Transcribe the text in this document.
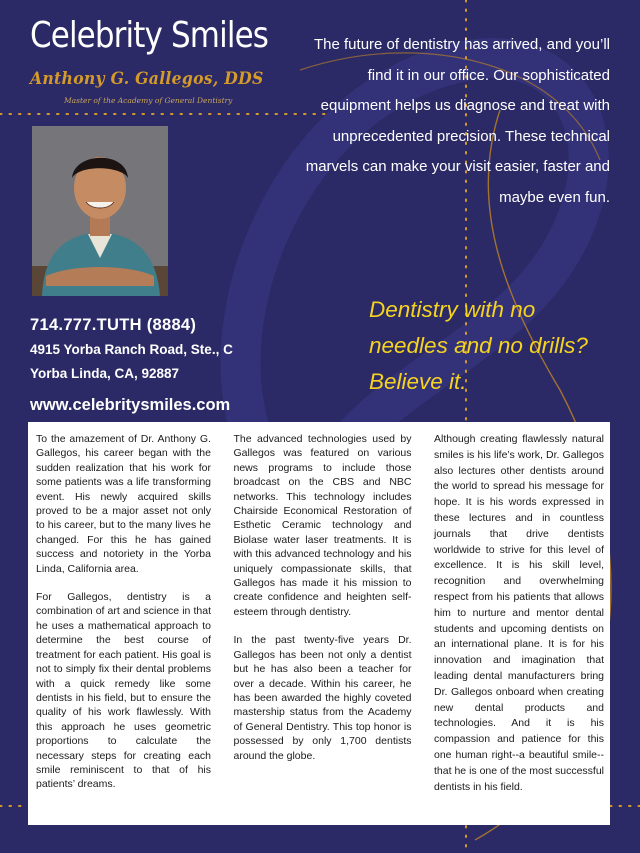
Celebrity Smiles

Anthony G. Gallegos, DDS

Master of the Academy of General Dentistry

The future of dentistry has arrived, and you’ll find it in our office. Our sophisticated equipment helps us diagnose and treat with unprecedented precision. These technical marvels can make your visit easier, faster and maybe even fun.

714.777.TUTH (8884)

4915 Yorba Ranch Road, Ste., C

Yorba Linda, CA, 92887

www.celebritysmiles.com

Dentistry with no
needles and no drills?
Believe it.

To the amazement of Dr. Anthony G. Gallegos, his career began with the sudden realization that his work for some patients was a life transforming event. His newly acquired skills proved to be a major asset not only to his career, but to the many lives he changed. For this he has gained success and notoriety in the Yorba Linda, California area.

For Gallegos, dentistry is a combination of art and science in that he uses a mathematical approach to determine the best course of treatment for each patient. His goal is not to simply fix their dental problems with a quick remedy like some dentists in his field, but to ensure the quality of his work flawlessly. With this approach he uses geometric proportions to calculate the necessary steps for creating each smile reminiscent to that of his patients’ dreams.

The advanced technologies used by Gallegos was featured on various news programs to include those broadcast on the CBS and NBC networks. This technology includes Chairside Economical Restoration of Esthetic Ceramic technology and Biolase water laser treatments. It is with this advanced technology and his uniquely compassionate skills, that Gallegos has made it his mission to create confidence and heighten self-esteem through dentistry.

In the past twenty-five years Dr. Gallegos has been not only a dentist but he has also been a teacher for over a decade. Within his career, he has been awarded the highly coveted mastership status from the Academy of General Dentistry. This top honor is possessed by only 1,700 dentists around the globe.

Although creating flawlessly natural smiles is his life’s work, Dr. Gallegos also lectures other dentists around the world to spread his message for hope. It is his words expressed in these lectures and in countless journals that drive dentists worldwide to strive for this level of excellence. It is his skill level, recognition and overwhelming respect from his patients that allows him to nurture and mentor dental students and upcoming dentists on an international plane. It is for his innovation and imagination that leading dental manufacturers bring Dr. Gallegos onboard when creating new dental products and technologies. And it is his compassion and patience for this one human right--a beautiful smile--that he is one of the most successful dentists in his field.
